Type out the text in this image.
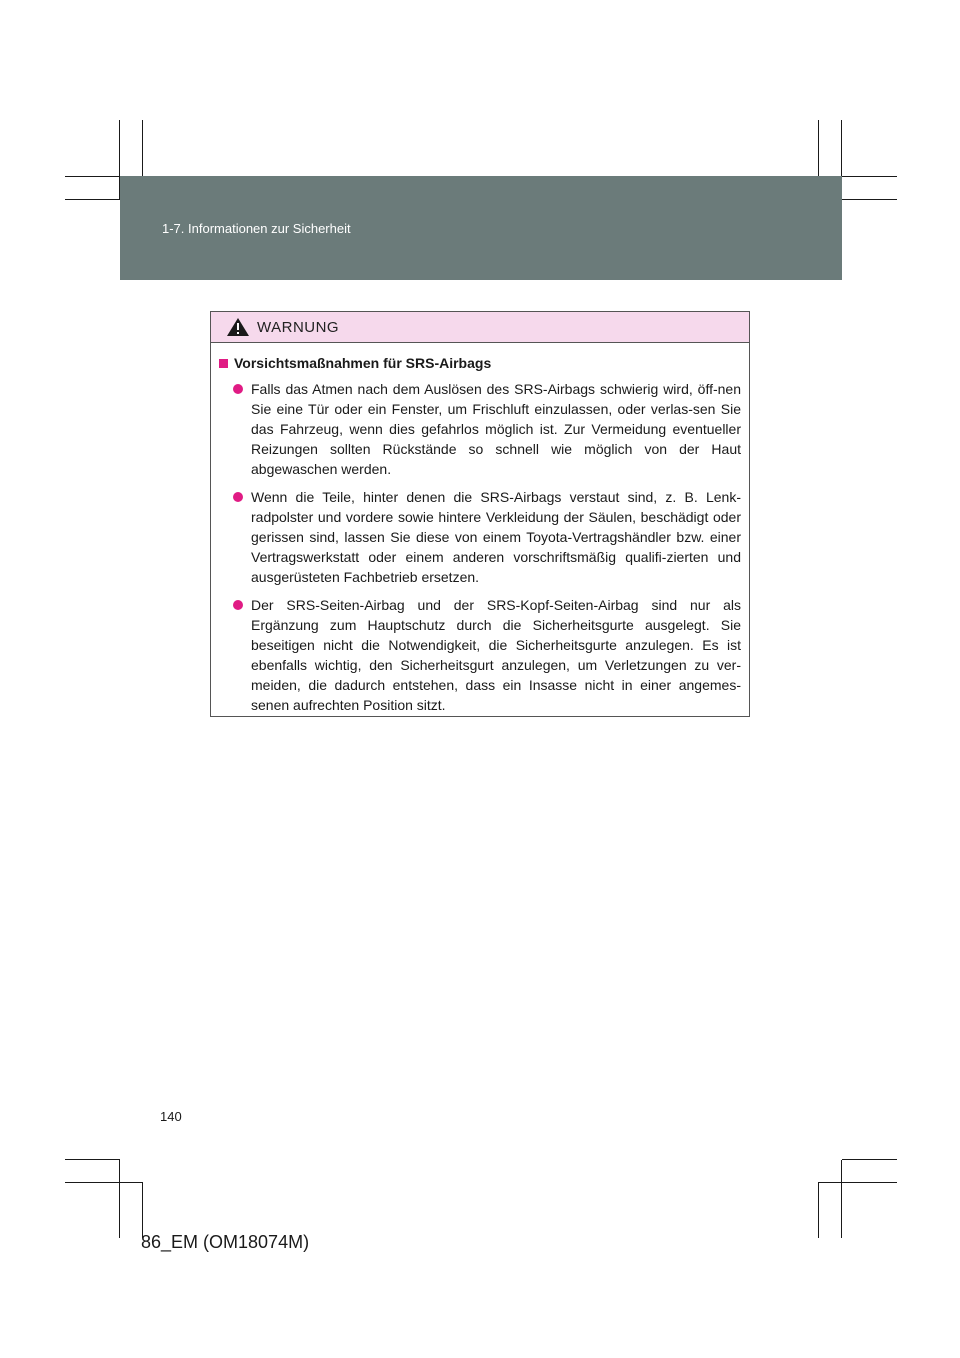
1-7. Informationen zur Sicherheit
WARNUNG
Vorsichtsmaßnahmen für SRS-Airbags
Falls das Atmen nach dem Auslösen des SRS-Airbags schwierig wird, öff-nen Sie eine Tür oder ein Fenster, um Frischluft einzulassen, oder verlas-sen Sie das Fahrzeug, wenn dies gefahrlos möglich ist. Zur Vermeidung eventueller Reizungen sollten Rückstände so schnell wie möglich von der Haut abgewaschen werden.
Wenn die Teile, hinter denen die SRS-Airbags verstaut sind, z. B. Lenk-radpolster und vordere sowie hintere Verkleidung der Säulen, beschädigt oder gerissen sind, lassen Sie diese von einem Toyota-Vertragshändler bzw. einer Vertragswerkstatt oder einem anderen vorschriftsmäßig qualifi-zierten und ausgerüsteten Fachbetrieb ersetzen.
Der SRS-Seiten-Airbag und der SRS-Kopf-Seiten-Airbag sind nur als Ergänzung zum Hauptschutz durch die Sicherheitsgurte ausgelegt. Sie beseitigen nicht die Notwendigkeit, die Sicherheitsgurte anzulegen. Es ist ebenfalls wichtig, den Sicherheitsgurt anzulegen, um Verletzungen zu ver-meiden, die dadurch entstehen, dass ein Insasse nicht in einer angemes-senen aufrechten Position sitzt.
140
86_EM (OM18074M)
